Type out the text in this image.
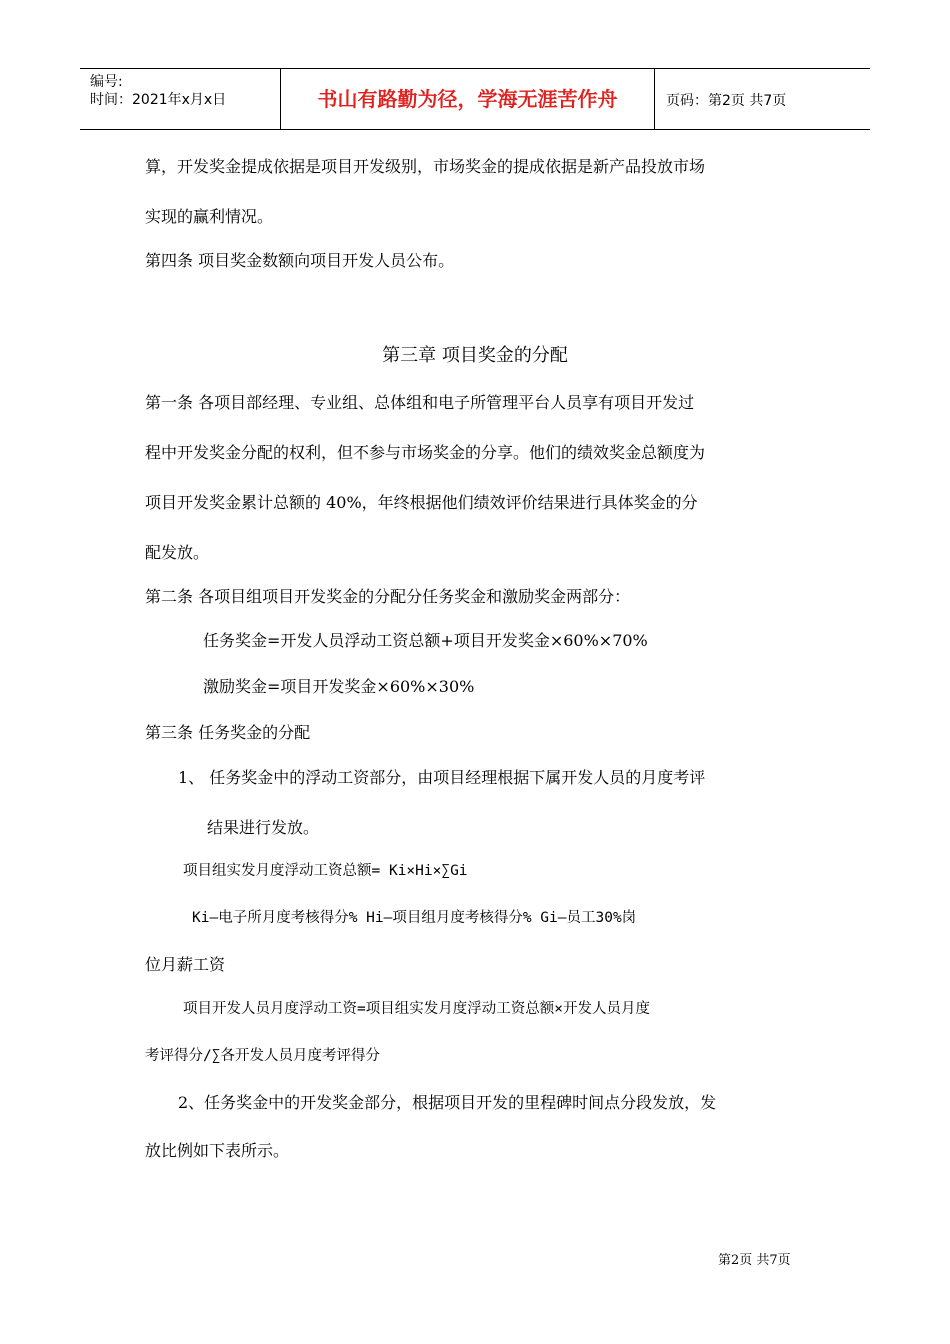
编号:
时间：2021年x月x日	书山有路勤为径，学海无涯苦作舟	页码：第2页 共7页
算，开发奖金提成依据是项目开发级别，市场奖金的提成依据是新产品投放市场
实现的赢利情况。
第四条 项目奖金数额向项目开发人员公布。
第三章 项目奖金的分配
第一条 各项目部经理、专业组、总体组和电子所管理平台人员享有项目开发过
程中开发奖金分配的权利，但不参与市场奖金的分享。他们的绩效奖金总额度为
项目开发奖金累计总额的 40%，年终根据他们绩效评价结果进行具体奖金的分
配发放。
第二条 各项目组项目开发奖金的分配分任务奖金和激励奖金两部分：
任务奖金=开发人员浮动工资总额+项目开发奖金×60%×70%
激励奖金=项目开发奖金×60%×30%
第三条 任务奖金的分配
1、 任务奖金中的浮动工资部分，由项目经理根据下属开发人员的月度考评
结果进行发放。
项目组实发月度浮动工资总额= Ki×Hi×∑Gi
Ki—电子所月度考核得分% Hi—项目组月度考核得分% Gi—员工30%岗
位月薪工资
项目开发人员月度浮动工资=项目组实发月度浮动工资总额×开发人员月度
考评得分/∑各开发人员月度考评得分
2、任务奖金中的开发奖金部分，根据项目开发的里程碑时间点分段发放，发
放比例如下表所示。
第2页 共7页
